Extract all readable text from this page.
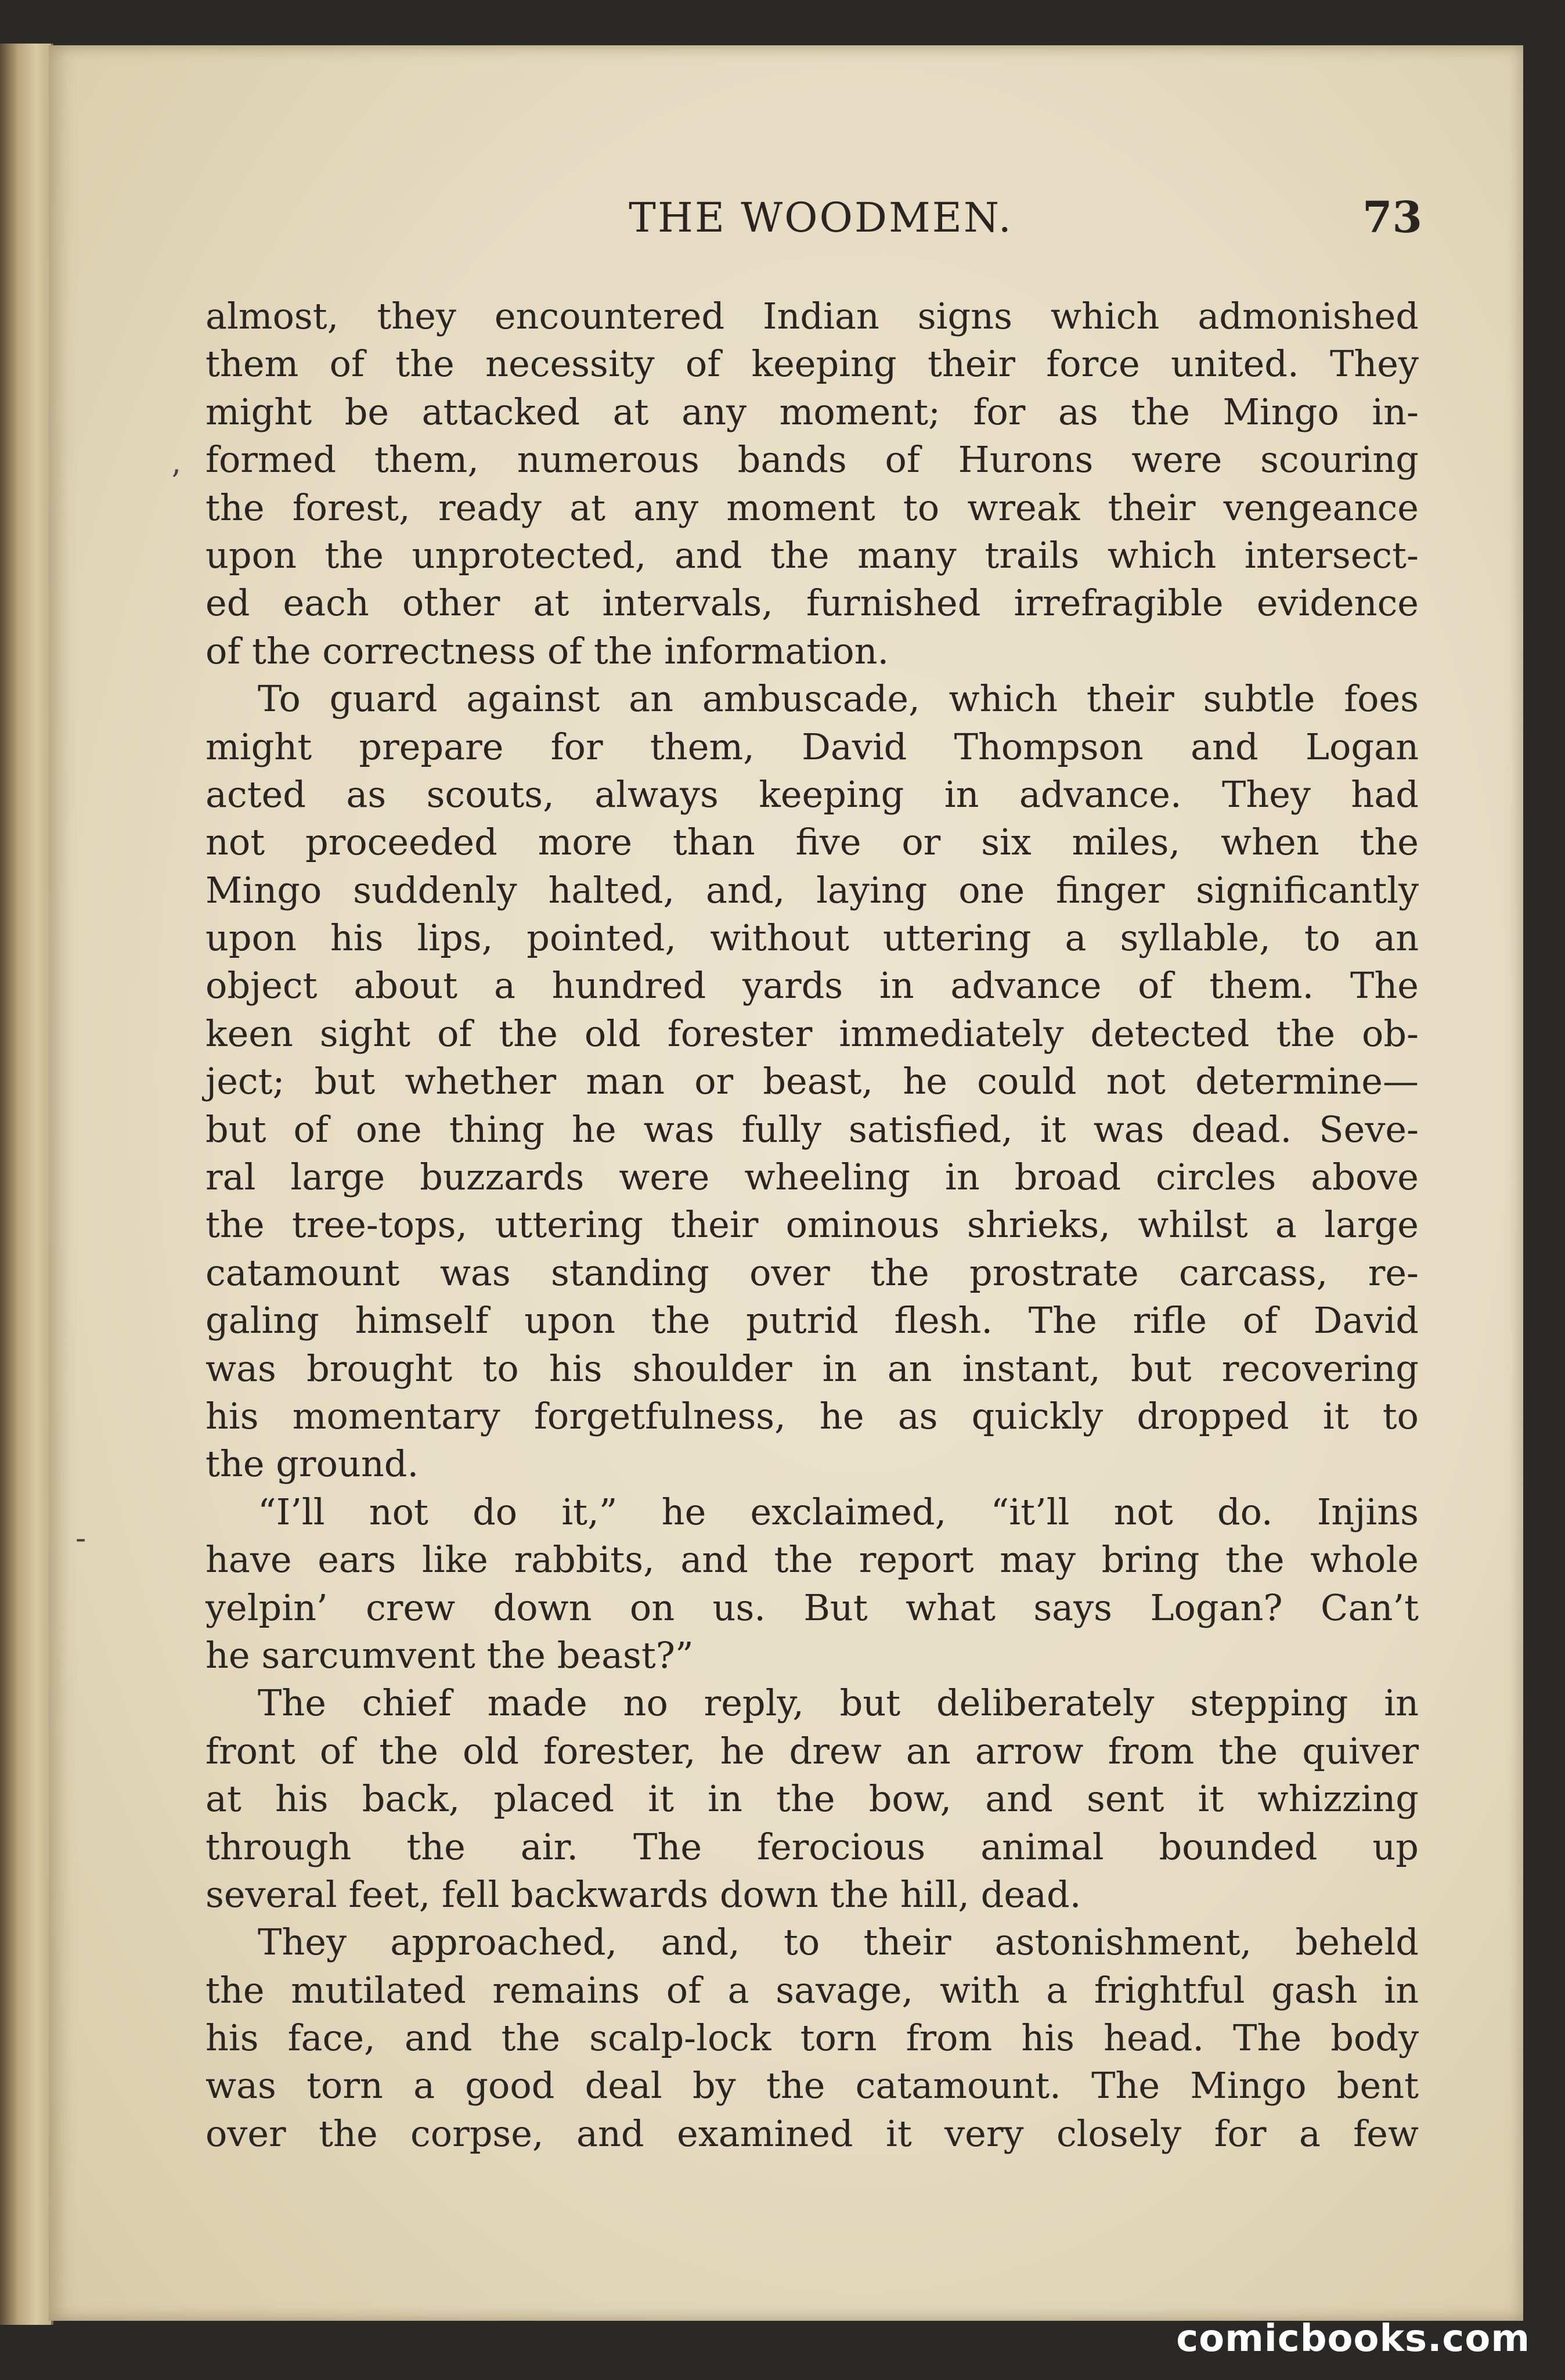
THE WOODMEN.	73
’
-
almost, they encountered Indian signs which admonished
them of the necessity of keeping their force united. They
might be attacked at any moment; for as the Mingo in-
formed them, numerous bands of Hurons were scouring
the forest, ready at any moment to wreak their vengeance
upon the unprotected, and the many trails which intersect-
ed each other at intervals, furnished irrefragible evidence
of the correctness of the information.
To guard against an ambuscade, which their subtle foes
might prepare for them, David Thompson and Logan
acted as scouts, always keeping in advance. They had
not proceeded more than five or six miles, when the
Mingo suddenly halted, and, laying one finger significantly
upon his lips, pointed, without uttering a syllable, to an
object about a hundred yards in advance of them. The
keen sight of the old forester immediately detected the ob-
ject; but whether man or beast, he could not determine—
but of one thing he was fully satisfied, it was dead. Seve-
ral large buzzards were wheeling in broad circles above
the tree-tops, uttering their ominous shrieks, whilst a large
catamount was standing over the prostrate carcass, re-
galing himself upon the putrid flesh. The rifle of David
was brought to his shoulder in an instant, but recovering
his momentary forgetfulness, he as quickly dropped it to
the ground.
“I’ll not do it,” he exclaimed, “it’ll not do. Injins
have ears like rabbits, and the report may bring the whole
yelpin’ crew down on us. But what says Logan? Can’t
he sarcumvent the beast?”
The chief made no reply, but deliberately stepping in
front of the old forester, he drew an arrow from the quiver
at his back, placed it in the bow, and sent it whizzing
through the air. The ferocious animal bounded up
several feet, fell backwards down the hill, dead.
They approached, and, to their astonishment, beheld
the mutilated remains of a savage, with a frightful gash in
his face, and the scalp-lock torn from his head. The body
was torn a good deal by the catamount. The Mingo bent
over the corpse, and examined it very closely for a few
comicbooks.com
